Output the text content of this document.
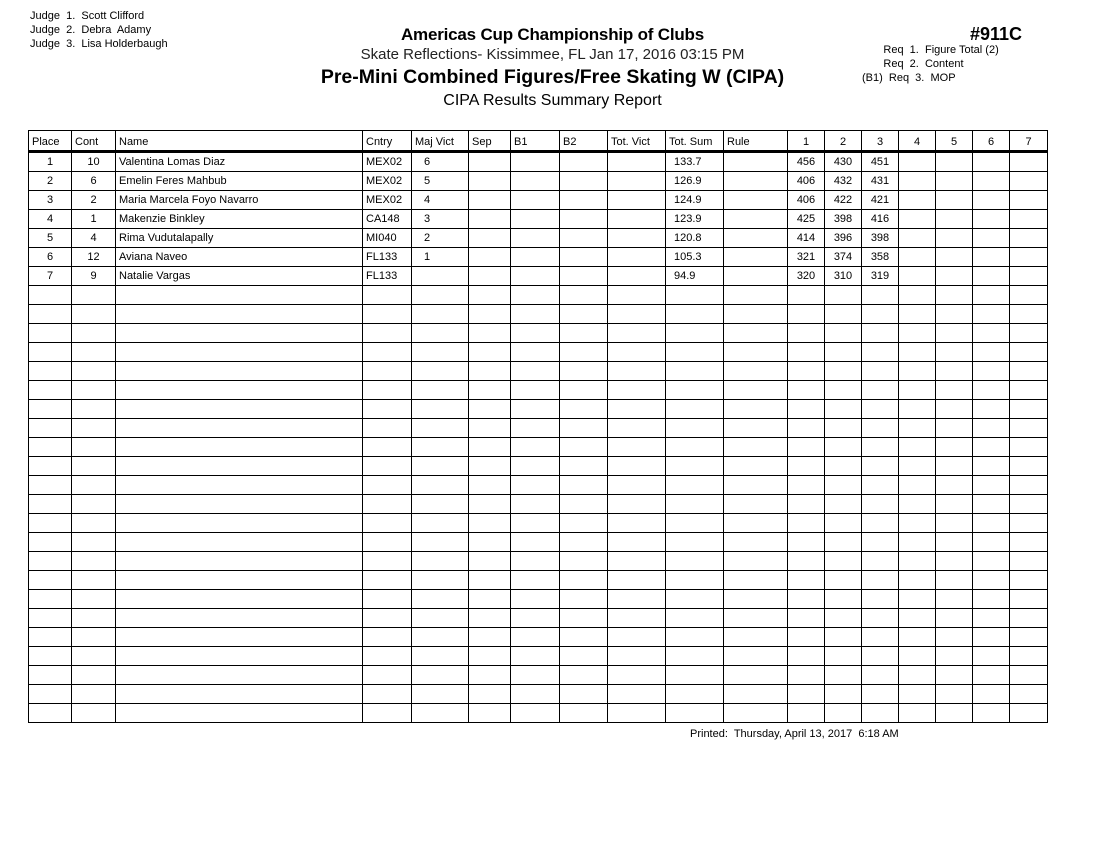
Judge  1.  Scott Clifford
Judge  2.  Debra  Adamy
Judge  3.  Lisa Holderbaugh	Americas Cup Championship of Clubs
Skate Reflections- Kissimmee, FL Jan 17, 2016 03:15 PM
Pre-Mini Combined Figures/Free Skating W (CIPA)
CIPA Results Summary Report
#911C
Req  1.  Figure Total (2)
Req  2.  Content
(B1)  Req  3.  MOP
Place	Cont	Name	Cntry	Maj Vict	Sep	B1	B2	Tot. Vict	Tot. Sum	Rule	1	2	3	4	5	6	7
1	10	Valentina Lomas Diaz	MEX02	6					133.7		456	430	451				
2	6	Emelin Feres Mahbub	MEX02	5					126.9		406	432	431				
3	2	Maria Marcela Foyo Navarro	MEX02	4					124.9		406	422	421				
4	1	Makenzie Binkley	CA148	3					123.9		425	398	416				
5	4	Rima Vudutalapally	MI040	2					120.8		414	396	398				
6	12	Aviana Naveo	FL133	1					105.3		321	374	358				
7	9	Natalie Vargas	FL133						94.9		320	310	319				

Printed:  Thursday, April 13, 2017  6:18 AM
